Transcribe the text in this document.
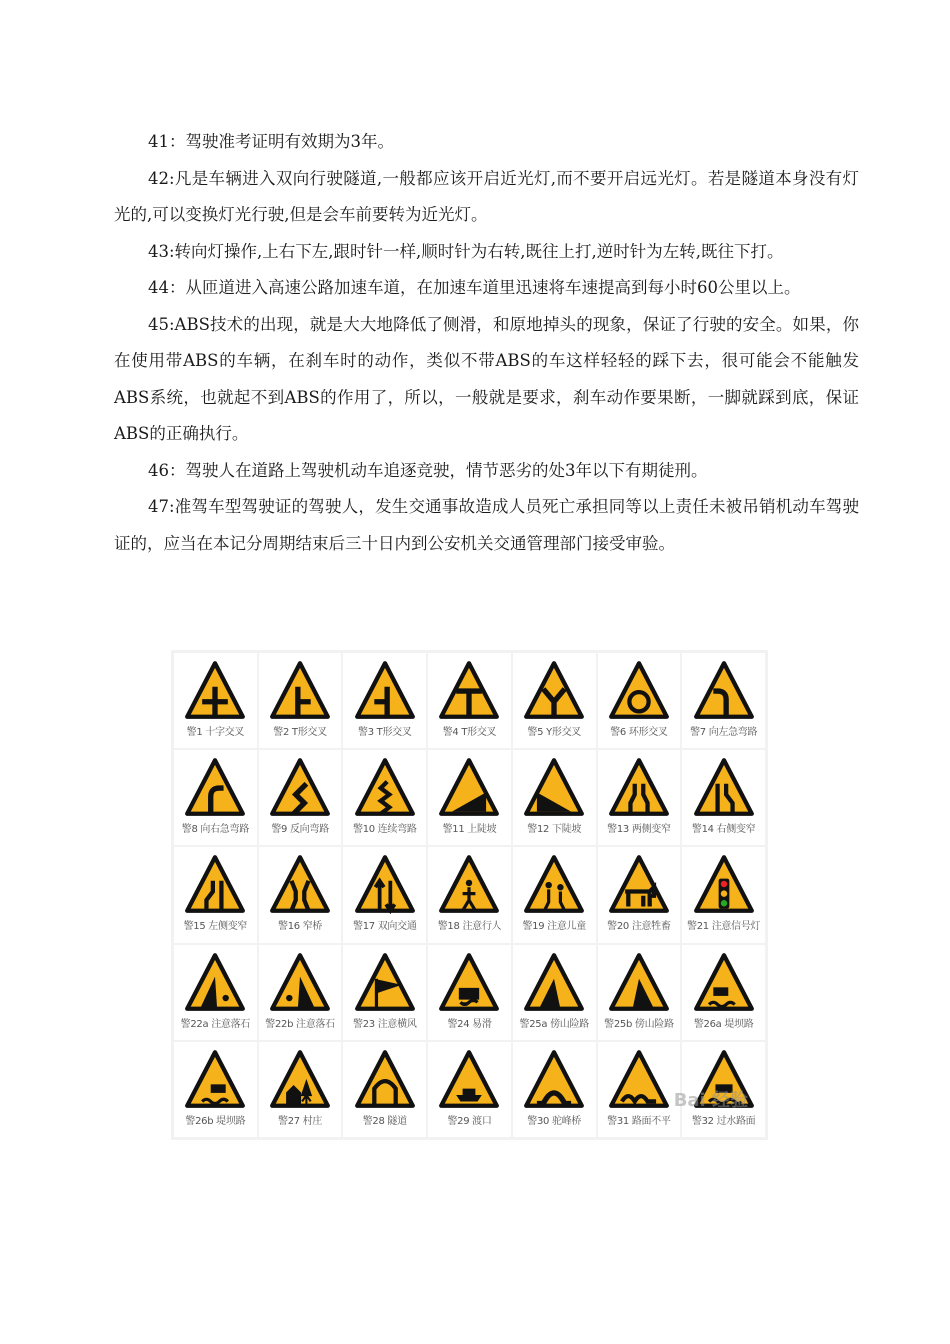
41：驾驶准考证明有效期为3年。

42:凡是车辆进入双向行驶隧道,一般都应该开启近光灯,而不要开启远光灯。若是隧道本身没有灯光的,可以变换灯光行驶,但是会车前要转为近光灯。

43:转向灯操作,上右下左,跟时针一样,顺时针为右转,既往上打,逆时针为左转,既往下打。

44：从匝道进入高速公路加速车道，在加速车道里迅速将车速提高到每小时60公里以上。

45:ABS技术的出现，就是大大地降低了侧滑，和原地掉头的现象，保证了行驶的安全。如果，你在使用带ABS的车辆，在刹车时的动作，类似不带ABS的车这样轻轻的踩下去，很可能会不能触发ABS系统，也就起不到ABS的作用了，所以，一般就是要求，刹车动作要果断，一脚就踩到底，保证ABS的正确执行。

46：驾驶人在道路上驾驶机动车追逐竞驶，情节恶劣的处3年以下有期徒刑。

47:准驾车型驾驶证的驾驶人，发生交通事故造成人员死亡承担同等以上责任未被吊销机动车驾驶证的，应当在本记分周期结束后三十日内到公安机关交通管理部门接受审验。

警1 十字交叉	警2 T形交叉	警3 T形交叉	警4 T形交叉	警5 Y形交叉	警6 环形交叉 警7 向左急弯路
警8 向右急弯路 警9 反向弯路 警10 连续弯路	警11 上陡坡	警12 下陡坡	警13 两侧变窄 警14 右侧变窄
警15 左侧变窄	警16 窄桥	警17 双向交通 警18 注意行人 警19 注意儿童 警20 注意牲畜 警21 注意信号灯
警22a 注意落石 警22b 注意落石 警23 注意横风	警24 易滑	警25a 傍山险路 警25b 傍山险路 警26a 堤坝路
警26b 堤坝路	警27 村庄	警28 隧道	警29 渡口	警30 驼峰桥	警31 路面不平 警32 过水路面
Bai 经验
